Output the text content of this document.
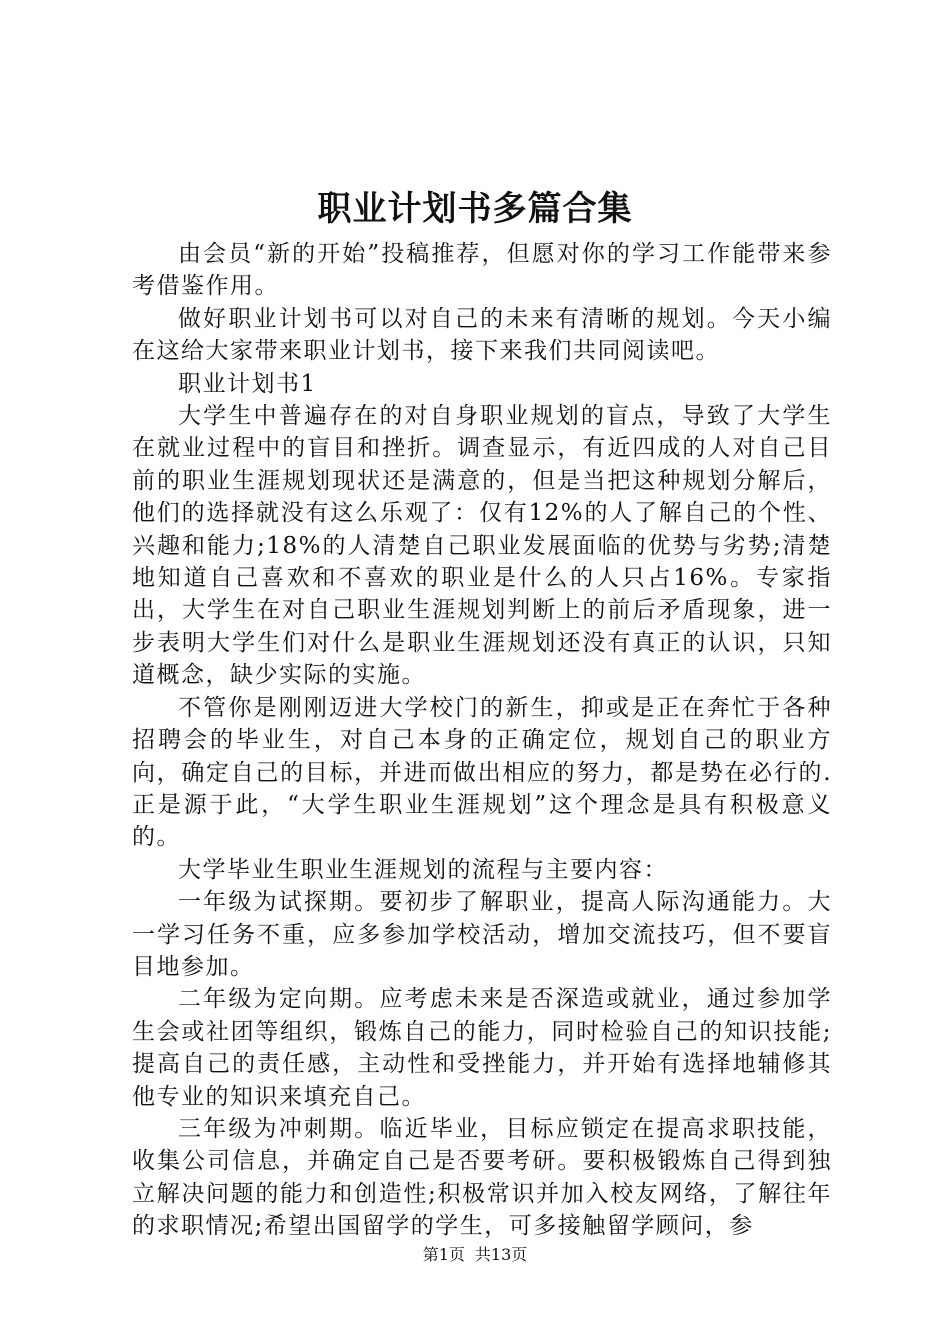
职业计划书多篇合集

由会员“新的开始”投稿推荐，但愿对你的学习工作能带来参考借鉴作用。

做好职业计划书可以对自己的未来有清晰的规划。今天小编在这给大家带来职业计划书，接下来我们共同阅读吧。

职业计划书1

大学生中普遍存在的对自身职业规划的盲点，导致了大学生在就业过程中的盲目和挫折。调查显示，有近四成的人对自己目前的职业生涯规划现状还是满意的，但是当把这种规划分解后，他们的选择就没有这么乐观了：仅有12%的人了解自己的个性、兴趣和能力;18%的人清楚自己职业发展面临的优势与劣势;清楚地知道自己喜欢和不喜欢的职业是什么的人只占16%。专家指出，大学生在对自己职业生涯规划判断上的前后矛盾现象，进一步表明大学生们对什么是职业生涯规划还没有真正的认识，只知道概念，缺少实际的实施。

不管你是刚刚迈进大学校门的新生，抑或是正在奔忙于各种招聘会的毕业生，对自己本身的正确定位，规划自己的职业方向，确定自己的目标，并进而做出相应的努力，都是势在必行的.正是源于此，“大学生职业生涯规划”这个理念是具有积极意义的。

大学毕业生职业生涯规划的流程与主要内容：

一年级为试探期。要初步了解职业，提高人际沟通能力。大一学习任务不重，应多参加学校活动，增加交流技巧，但不要盲目地参加。

二年级为定向期。应考虑未来是否深造或就业，通过参加学生会或社团等组织，锻炼自己的能力，同时检验自己的知识技能;提高自己的责任感，主动性和受挫能力，并开始有选择地辅修其他专业的知识来填充自己。

三年级为冲刺期。临近毕业，目标应锁定在提高求职技能，收集公司信息，并确定自己是否要考研。要积极锻炼自己得到独立解决问题的能力和创造性;积极常识并加入校友网络，了解往年的求职情况;希望出国留学的学生，可多接触留学顾问，参

第1页 共13页
